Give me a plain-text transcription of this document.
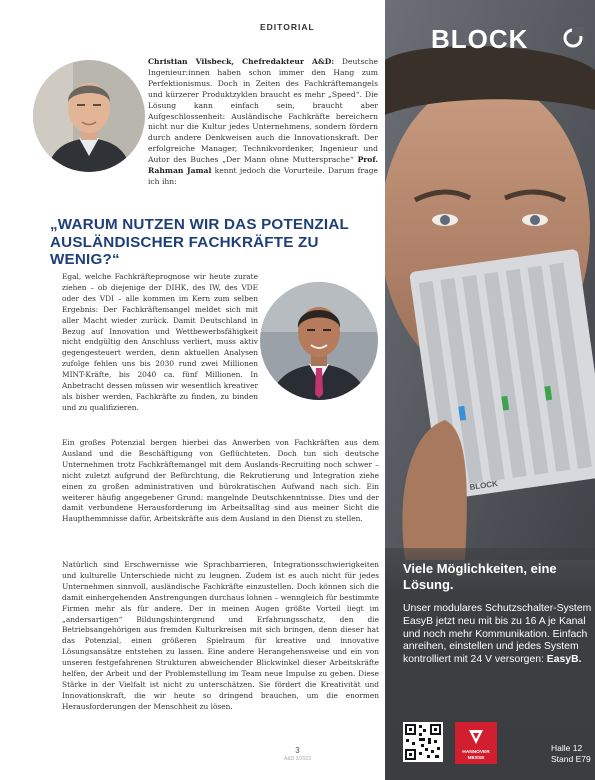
EDITORIAL

Christian Vilsbeck, Chefredakteur A&D: Deutsche Ingenieur:innen haben schon immer den Hang zum Perfektionismus. Doch in Zeiten des Fachkräftemangels und kürzerer Produktzyklen braucht es mehr „Speed“. Die Lösung kann einfach sein, braucht aber Aufgeschlossenheit: Ausländische Fachkräfte bereichern nicht nur die Kultur jedes Unternehmens, sondern fördern durch andere Denkweisen auch die Innovationskraft. Der erfolgreiche Manager, Technikvordenker, Ingenieur und Autor des Buches „Der Mann ohne Muttersprache“ Prof. Rahman Jamal kennt jedoch die Vorurteile. Darum frage ich ihn:

„WARUM NUTZEN WIR DAS POTENZIAL AUSLÄNDISCHER FACHKRÄFTE ZU WENIG?“

Egal, welche Fachkräfteprognose wir heute zurate ziehen – ob diejenige der DIHK, des IW, des VDE oder des VDI – alle kommen im Kern zum selben Ergebnis: Der Fachkräftemangel meldet sich mit aller Macht wieder zurück. Damit Deutschland in Bezug auf Innovation und Wettbewerbsfähigkeit nicht endgültig den Anschluss verliert, muss aktiv gegengesteuert werden, denn aktuellen Analysen zufolge fehlen uns bis 2030 rund zwei Millionen MINT-Kräfte, bis 2040 ca. fünf Millionen. In Anbetracht dessen müssen wir wesentlich kreativer als bisher werden, Fachkräfte zu finden, zu binden und zu qualifizieren.

Ein großes Potenzial bergen hierbei das Anwerben von Fachkräften aus dem Ausland und die Beschäftigung von Geflüchteten. Doch tun sich deutsche Unternehmen trotz Fachkräftemangel mit dem Auslands-Recruiting noch schwer – nicht zuletzt aufgrund der Befürchtung, die Rekrutierung und Integration ziehe einen zu großen administrativen und bürokratischen Aufwand nach sich. Ein weiterer häufig angegebener Grund: mangelnde Deutschkenntnisse. Dies und der damit verbundene Herausforderung im Arbeitsalltag sind aus meiner Sicht die Haupthemmnisse dafür, Arbeitskräfte aus dem Ausland in den Dienst zu stellen.

Natürlich sind Erschwernisse wie Sprachbarrieren, Integrationsschwierigkeiten und kulturelle Unterschiede nicht zu leugnen. Zudem ist es auch nicht für jedes Unternehmen sinnvoll, ausländische Fachkräfte einzustellen. Doch können sich die damit einhergehenden Anstrengungen durchaus lohnen – wenngleich für bestimmte Firmen mehr als für andere. Der in meinen Augen größte Vorteil liegt im „andersartigen“ Bildungshintergrund und Erfahrungsschatz, den die Betriebsangehörigen aus fremden Kulturkreisen mit sich bringen, denn dieser hat das Potenzial, einen größeren Spielraum für kreative und innovative Lösungsansätze entstehen zu lassen. Eine andere Herangehensweise und ein von unseren festgefahrenen Strukturen abweichender Blickwinkel dieser Arbeitskräfte helfen, der Arbeit und der Problemstellung im Team neue Impulse zu geben. Diese Stärke in der Vielfalt ist nicht zu unterschätzen. Sie fördert die Kreativität und Innovationskraft, die wir heute so dringend brauchen, um die enormen Herausforderungen der Menschheit zu lösen.

3
A&D 3/2023
BLOCK
BLOCK
Viele Möglichkeiten, eine Lösung.
Unser modulares Schutzschalter-System EasyB jetzt neu mit bis zu 16 A je Kanal und noch mehr Kommunikation. Einfach anreihen, einstellen und jedes System kontrolliert mit 24 V versorgen: EasyB.
HANNOVER MESSE
Halle 12
Stand E79
